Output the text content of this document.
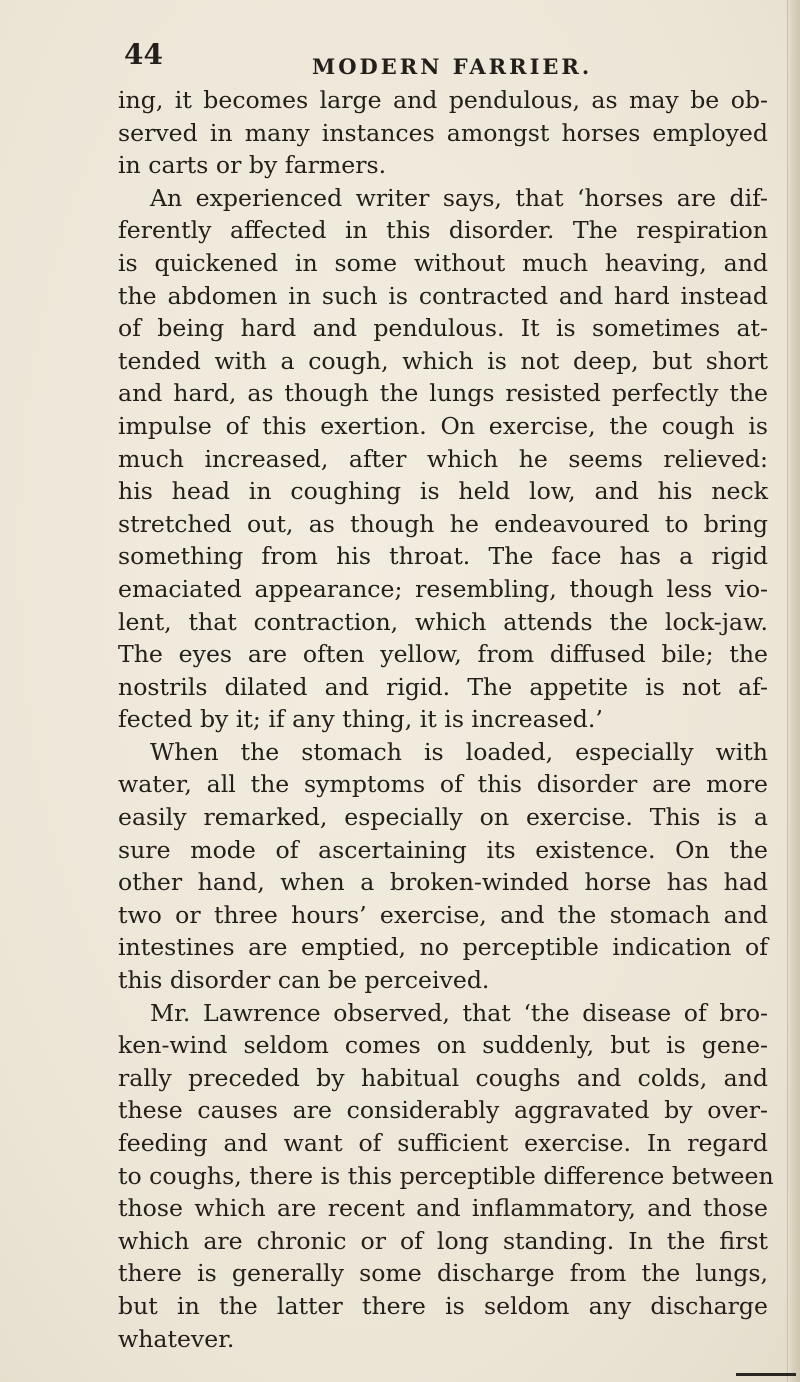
44	MODERN FARRIER.
ing, it becomes large and pendulous, as may be ob-
served in many instances amongst horses employed
in carts or by farmers.
An experienced writer says, that ‘horses are dif-
ferently affected in this disorder. The respiration
is quickened in some without much heaving, and
the abdomen in such is contracted and hard instead
of being hard and pendulous. It is sometimes at-
tended with a cough, which is not deep, but short
and hard, as though the lungs resisted perfectly the
impulse of this exertion. On exercise, the cough is
much increased, after which he seems relieved:
his head in coughing is held low, and his neck
stretched out, as though he endeavoured to bring
something from his throat. The face has a rigid
emaciated appearance; resembling, though less vio-
lent, that contraction, which attends the lock-jaw.
The eyes are often yellow, from diffused bile; the
nostrils dilated and rigid. The appetite is not af-
fected by it; if any thing, it is increased.’
When the stomach is loaded, especially with
water, all the symptoms of this disorder are more
easily remarked, especially on exercise. This is a
sure mode of ascertaining its existence. On the
other hand, when a broken-winded horse has had
two or three hours’ exercise, and the stomach and
intestines are emptied, no perceptible indication of
this disorder can be perceived.
Mr. Lawrence observed, that ‘the disease of bro-
ken-wind seldom comes on suddenly, but is gene-
rally preceded by habitual coughs and colds, and
these causes are considerably aggravated by over-
feeding and want of sufficient exercise. In regard
to coughs, there is this perceptible difference between
those which are recent and inflammatory, and those
which are chronic or of long standing. In the first
there is generally some discharge from the lungs,
but in the latter there is seldom any discharge
whatever.
